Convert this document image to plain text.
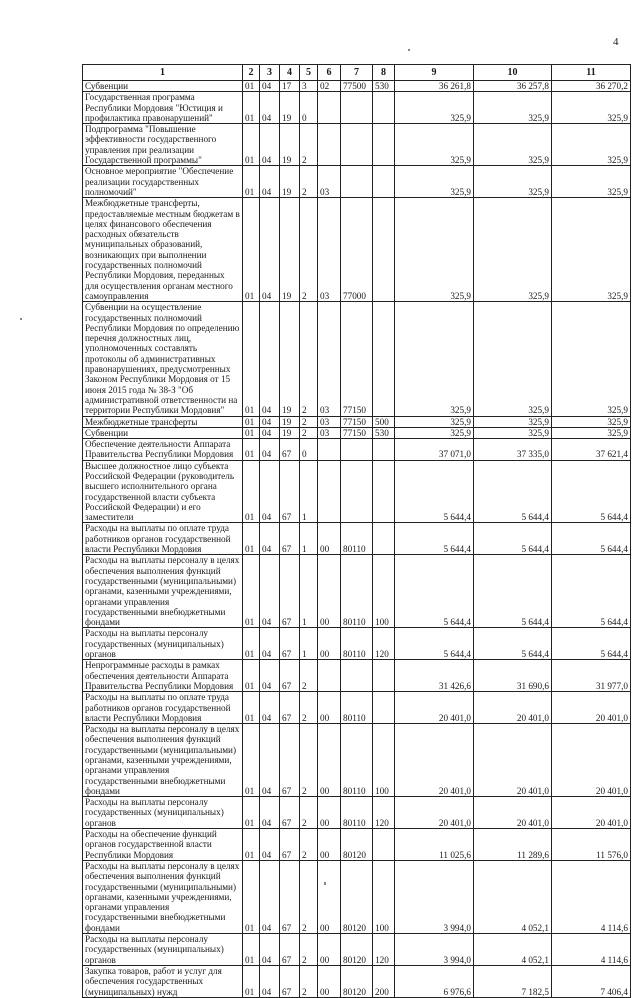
4
1	2	3	4	5	6	7	8	9	10	11
Субвенции	01	04	17	3	02	77500	530	36 261,8	36 257,8	36 270,2
Государственная программа Республики Мордовия "Юстиция и профилактика правонарушений"	01	04	19	0				325,9	325,9	325,9
Подпрограмма "Повышение эффективности государственного управления при реализации Государственной программы"	01	04	19	2				325,9	325,9	325,9
Основное мероприятие "Обеспечение реализации государственных полномочий"	01	04	19	2	03			325,9	325,9	325,9
Межбюджетные трансферты, предоставляемые местным бюджетам в целях финансового обеспечения расходных обязательств муниципальных образований, возникающих при выполнении государственных полномочий Республики Мордовия, переданных для осуществления органам местного самоуправления	01	04	19	2	03	77000		325,9	325,9	325,9
Субвенции на осуществление государственных полномочий Республики Мордовия по определению перечня должностных лиц, уполномоченных составлять протоколы об административных правонарушениях, предусмотренных Законом Республики Мордовия от 15 июня 2015 года № 38-З "Об административной ответственности на территории Республики Мордовия"	01	04	19	2	03	77150		325,9	325,9	325,9
Межбюджетные трансферты	01	04	19	2	03	77150	500	325,9	325,9	325,9
Субвенции	01	04	19	2	03	77150	530	325,9	325,9	325,9
Обеспечение деятельности Аппарата Правительства Республики Мордовия	01	04	67	0				37 071,0	37 335,0	37 621,4
Высшее должностное лицо субъекта Российской Федерации (руководитель высшего исполнительного органа государственной власти субъекта Российской Федерации) и его заместители	01	04	67	1				5 644,4	5 644,4	5 644,4
Расходы на выплаты по оплате труда работников органов государственной власти Республики Мордовия	01	04	67	1	00	80110		5 644,4	5 644,4	5 644,4
Расходы на выплаты персоналу в целях обеспечения выполнения функций государственными (муниципальными) органами, казенными учреждениями, органами управления государственными внебюджетными фондами	01	04	67	1	00	80110	100	5 644,4	5 644,4	5 644,4
Расходы на выплаты персоналу государственных (муниципальных) органов	01	04	67	1	00	80110	120	5 644,4	5 644,4	5 644,4
Непрограммные расходы в рамках обеспечения деятельности Аппарата Правительства Республики Мордовия	01	04	67	2				31 426,6	31 690,6	31 977,0
Расходы на выплаты по оплате труда работников органов государственной власти Республики Мордовия	01	04	67	2	00	80110		20 401,0	20 401,0	20 401,0
Расходы на выплаты персоналу в целях обеспечения выполнения функций государственными (муниципальными) органами, казенными учреждениями, органами управления государственными внебюджетными фондами	01	04	67	2	00	80110	100	20 401,0	20 401,0	20 401,0
Расходы на выплаты персоналу государственных (муниципальных) органов	01	04	67	2	00	80110	120	20 401,0	20 401,0	20 401,0
Расходы на обеспечение функций органов государственной власти Республики Мордовия	01	04	67	2	00	80120		11 025,6	11 289,6	11 576,0
Расходы на выплаты персоналу в целях обеспечения выполнения функций государственными (муниципальными) органами, казенными учреждениями, органами управления государственными внебюджетными фондами	01	04	67	2	00	80120	100	3 994,0	4 052,1	4 114,6
Расходы на выплаты персоналу государственных (муниципальных) органов	01	04	67	2	00	80120	120	3 994,0	4 052,1	4 114,6
Закупка товаров, работ и услуг для обеспечения государственных (муниципальных) нужд	01	04	67	2	00	80120	200	6 976,6	7 182,5	7 406,4
